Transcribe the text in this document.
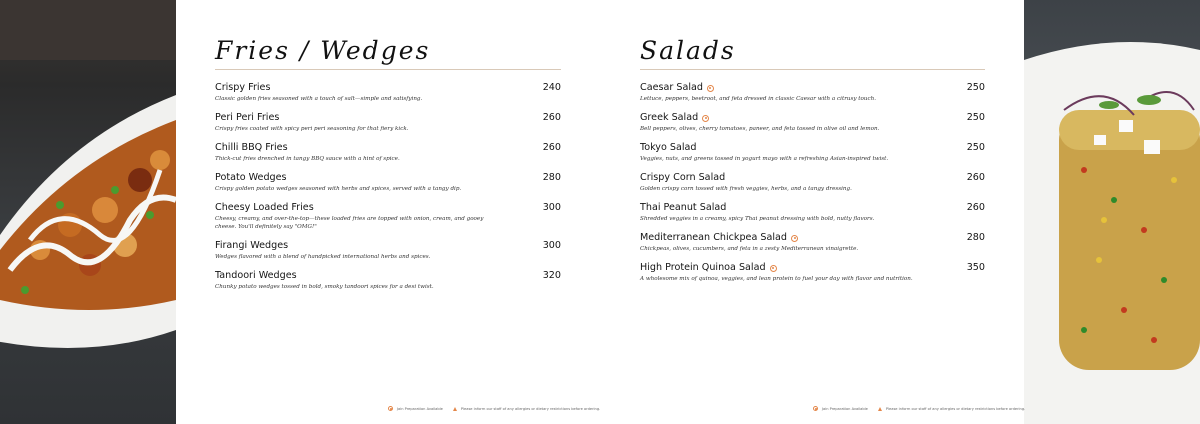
Fries / Wedges
Crispy Fries	240
Classic golden fries seasoned with a touch of salt—simple and satisfying.
Peri Peri Fries	260
Crispy fries coated with spicy peri peri seasoning for that fiery kick.
Chilli BBQ Fries	260
Thick-cut fries drenched in tangy BBQ sauce with a hint of spice.
Potato Wedges	280
Crispy golden potato wedges seasoned with herbs and spices, served with a tangy dip.
Cheesy Loaded Fries	300
Cheesy, creamy, and over-the-top—these loaded fries are topped with onion, cream, and gooey cheese. You'll definitely say "OMG!"
Firangi Wedges	300
Wedges flavored with a blend of handpicked international herbs and spices.
Tandoori Wedges	320
Chunky potato wedges tossed in bold, smoky tandoori spices for a desi twist.
Salads
Caesar Salad	250
Lettuce, peppers, beetroot, and feta dressed in classic Caesar with a citrusy touch.
Greek Salad	250
Bell peppers, olives, cherry tomatoes, paneer, and feta tossed in olive oil and lemon.
Tokyo Salad	250
Veggies, nuts, and greens tossed in yogurt mayo with a refreshing Asian-inspired twist.
Crispy Corn Salad	260
Golden crispy corn tossed with fresh veggies, herbs, and a tangy dressing.
Thai Peanut Salad	260
Shredded veggies in a creamy, spicy Thai peanut dressing with bold, nutty flavors.
Mediterranean Chickpea Salad	280
Chickpeas, olives, cucumbers, and feta in a zesty Mediterranean vinaigrette.
High Protein Quinoa Salad	350
A wholesome mix of quinoa, veggies, and lean protein to fuel your day with flavor and nutrition.
Jain Preparation Available	Please inform our staff of any allergies or dietary restrictions before ordering.	Jain Preparation Available	Please inform our staff of any allergies or dietary restrictions before ordering.
